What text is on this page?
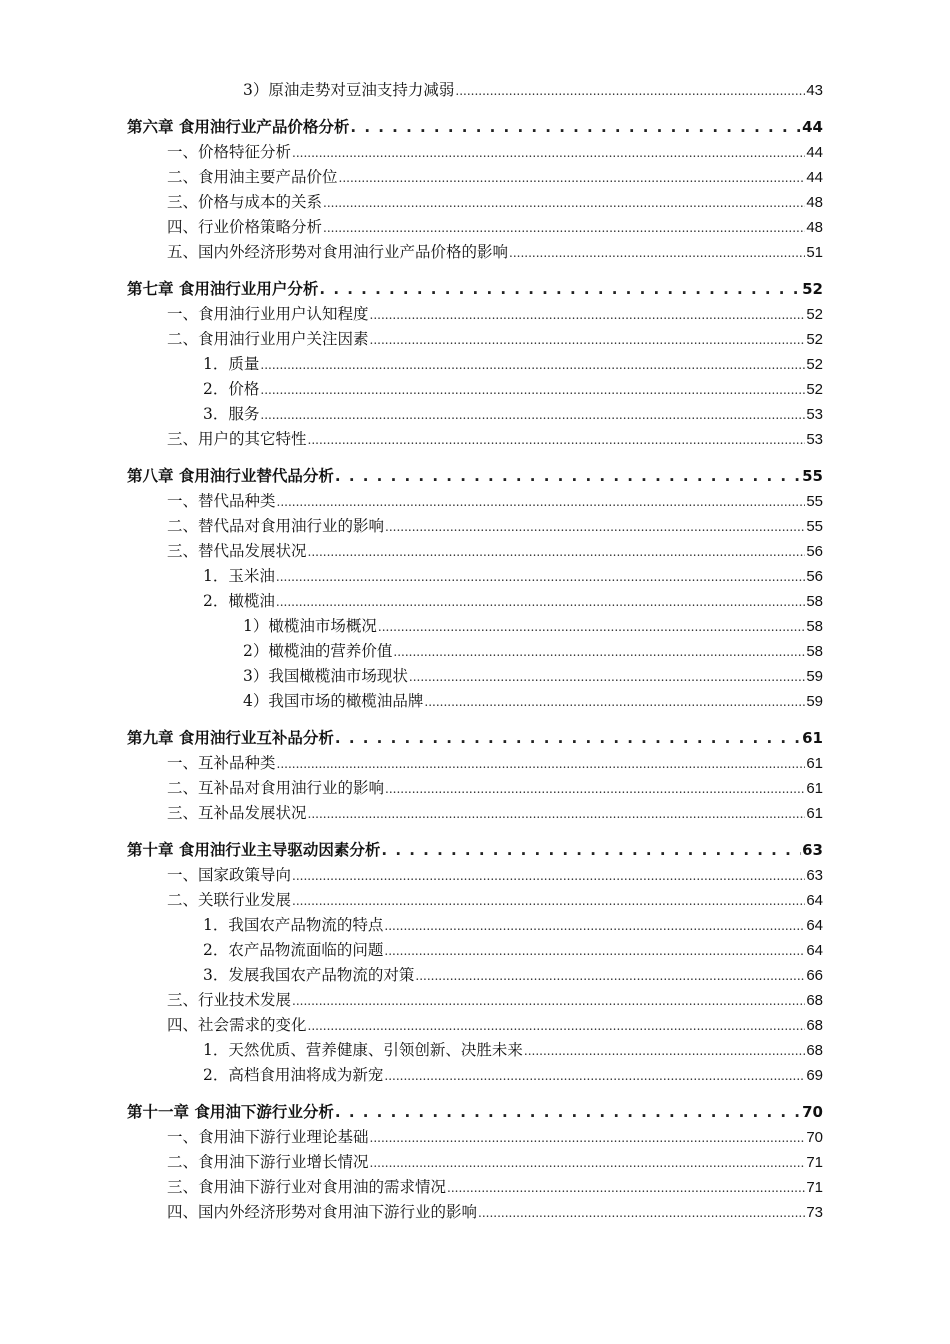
3）原油走势对豆油支持力减弱 .....	43
第六章 食用油行业产品价格分析 . . .	44
一、价格特征分析 .....	44
二、食用油主要产品价位 .....	44
三、价格与成本的关系 .....	48
四、行业价格策略分析 .....	48
五、国内外经济形势对食用油行业产品价格的影响 .....	51
第七章 食用油行业用户分析 . . .	52
一、食用油行业用户认知程度 .....	52
二、食用油行业用户关注因素 .....	52
1．质量 .....	52
2．价格 .....	52
3．服务 .....	53
三、用户的其它特性 .....	53
第八章 食用油行业替代品分析 . . .	55
一、替代品种类 .....	55
二、替代品对食用油行业的影响 .....	55
三、替代品发展状况 .....	56
1．玉米油 .....	56
2．橄榄油 .....	58
1）橄榄油市场概况 .....	58
2）橄榄油的营养价值 .....	58
3）我国橄榄油市场现状 .....	59
4）我国市场的橄榄油品牌 .....	59
第九章 食用油行业互补品分析 . . .	61
一、互补品种类 .....	61
二、互补品对食用油行业的影响 .....	61
三、互补品发展状况 .....	61
第十章 食用油行业主导驱动因素分析 . . .	63
一、国家政策导向 .....	63
二、关联行业发展 .....	64
1．我国农产品物流的特点 .....	64
2．农产品物流面临的问题 .....	64
3．发展我国农产品物流的对策 .....	66
三、行业技术发展 .....	68
四、社会需求的变化 .....	68
1．天然优质、营养健康、引领创新、决胜未来 .....	68
2．高档食用油将成为新宠 .....	69
第十一章 食用油下游行业分析 . . .	70
一、食用油下游行业理论基础 .....	70
二、食用油下游行业增长情况 .....	71
三、食用油下游行业对食用油的需求情况 .....	71
四、国内外经济形势对食用油下游行业的影响 .....	73
